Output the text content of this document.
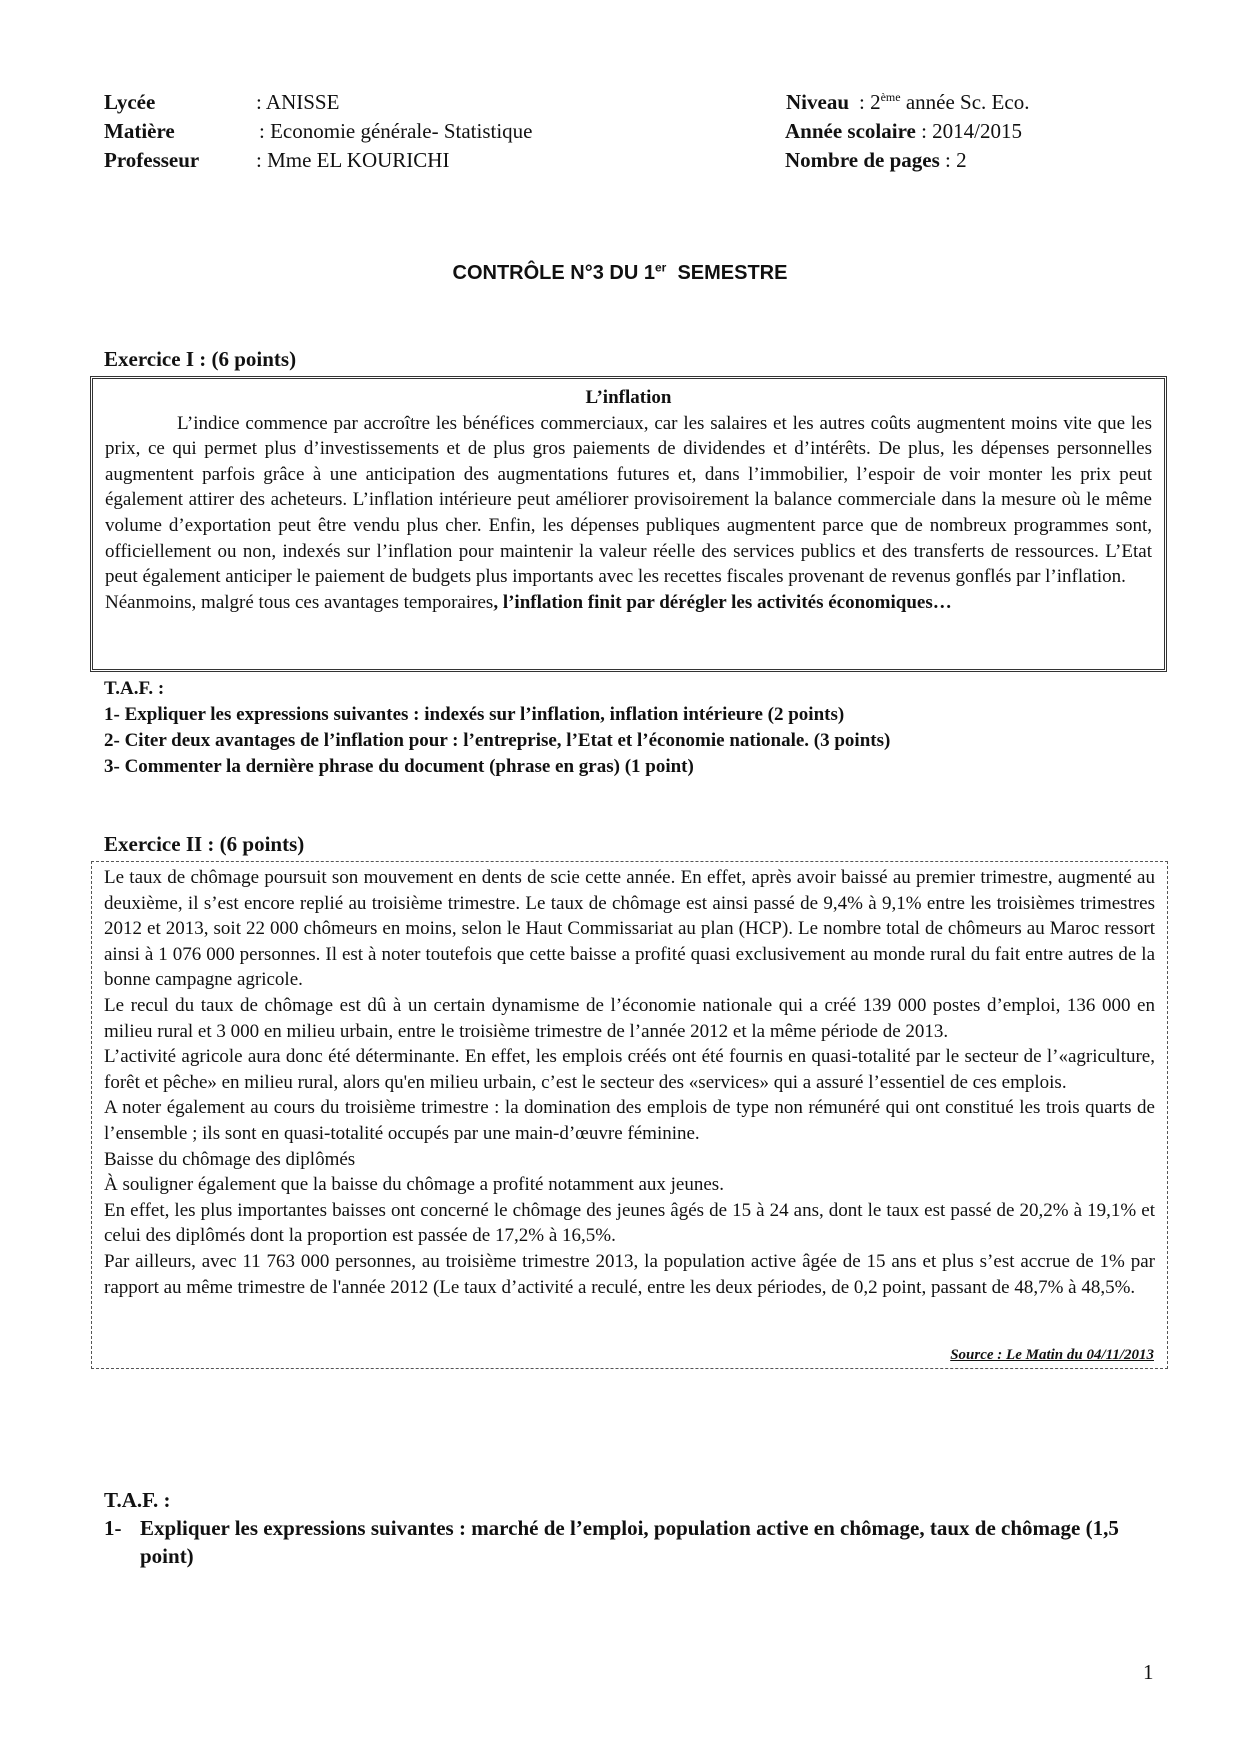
Lycée	: ANISSE
Matière	: Economie générale- Statistique
Professeur	: Mme EL KOURICHI
Niveau : 2ème année Sc. Eco.
Année scolaire : 2014/2015
Nombre de pages : 2
CONTRÔLE N°3 DU 1er  SEMESTRE
Exercice I : (6 points)

L’inflation

L’indice commence par accroître les bénéfices commerciaux, car les salaires et les autres coûts augmentent moins vite que les prix, ce qui permet plus d’investissements et de plus gros paiements de dividendes et d’intérêts. De plus, les dépenses personnelles augmentent parfois grâce à une anticipation des augmentations futures et, dans l’immobilier, l’espoir de voir monter les prix peut également attirer des acheteurs. L’inflation intérieure peut améliorer provisoirement la balance commerciale dans la mesure où le même volume d’exportation peut être vendu plus cher. Enfin, les dépenses publiques augmentent parce que de nombreux programmes sont, officiellement ou non, indexés sur l’inflation pour maintenir la valeur réelle des services publics et des transferts de ressources. L’Etat peut également anticiper le paiement de budgets plus importants avec les recettes fiscales provenant de revenus gonflés par l’inflation.

Néanmoins, malgré tous ces avantages temporaires, l’inflation finit par dérégler les activités économiques…

T.A.F. :
1- Expliquer les expressions suivantes : indexés sur l’inflation, inflation intérieure (2 points)
2- Citer deux avantages de l’inflation pour : l’entreprise, l’Etat et l’économie nationale. (3 points)
3- Commenter la dernière phrase du document (phrase en gras) (1 point)
Exercice II : (6 points)

Le taux de chômage poursuit son mouvement en dents de scie cette année. En effet, après avoir baissé au premier trimestre, augmenté au deuxième, il s’est encore replié au troisième trimestre. Le taux de chômage est ainsi passé de 9,4% à 9,1% entre les troisièmes trimestres 2012 et 2013, soit 22 000 chômeurs en moins, selon le Haut Commissariat au plan (HCP). Le nombre total de chômeurs au Maroc ressort ainsi à 1 076 000 personnes. Il est à noter toutefois que cette baisse a profité quasi exclusivement au monde rural du fait entre autres de la bonne campagne agricole.

Le recul du taux de chômage est dû à un certain dynamisme de l’économie nationale qui a créé 139 000 postes d’emploi, 136 000 en milieu rural et 3 000 en milieu urbain, entre le troisième trimestre de l’année 2012 et la même période de 2013.

L’activité agricole aura donc été déterminante. En effet, les emplois créés ont été fournis en quasi-totalité par le secteur de l’«agriculture, forêt et pêche» en milieu rural, alors qu'en milieu urbain, c’est le secteur des «services» qui a assuré l’essentiel de ces emplois.

A noter également au cours du troisième trimestre : la domination des emplois de type non rémunéré qui ont constitué les trois quarts de l’ensemble ; ils sont en quasi-totalité occupés par une main-d’œuvre féminine.

Baisse du chômage des diplômés

À souligner également que la baisse du chômage a profité notamment aux jeunes.

En effet, les plus importantes baisses ont concerné le chômage des jeunes âgés de 15 à 24 ans, dont le taux est passé de 20,2% à 19,1% et celui des diplômés dont la proportion est passée de 17,2% à 16,5%.

Par ailleurs, avec 11 763 000 personnes, au troisième trimestre 2013, la population active âgée de 15 ans et plus s’est accrue de 1% par rapport au même trimestre de l'année 2012 (Le taux d’activité a reculé, entre les deux périodes, de 0,2 point, passant de 48,7% à 48,5%.

Source : Le Matin du 04/11/2013
T.A.F. :
1- Expliquer les expressions suivantes : marché de l’emploi, population active en chômage, taux de chômage (1,5 point)
1
